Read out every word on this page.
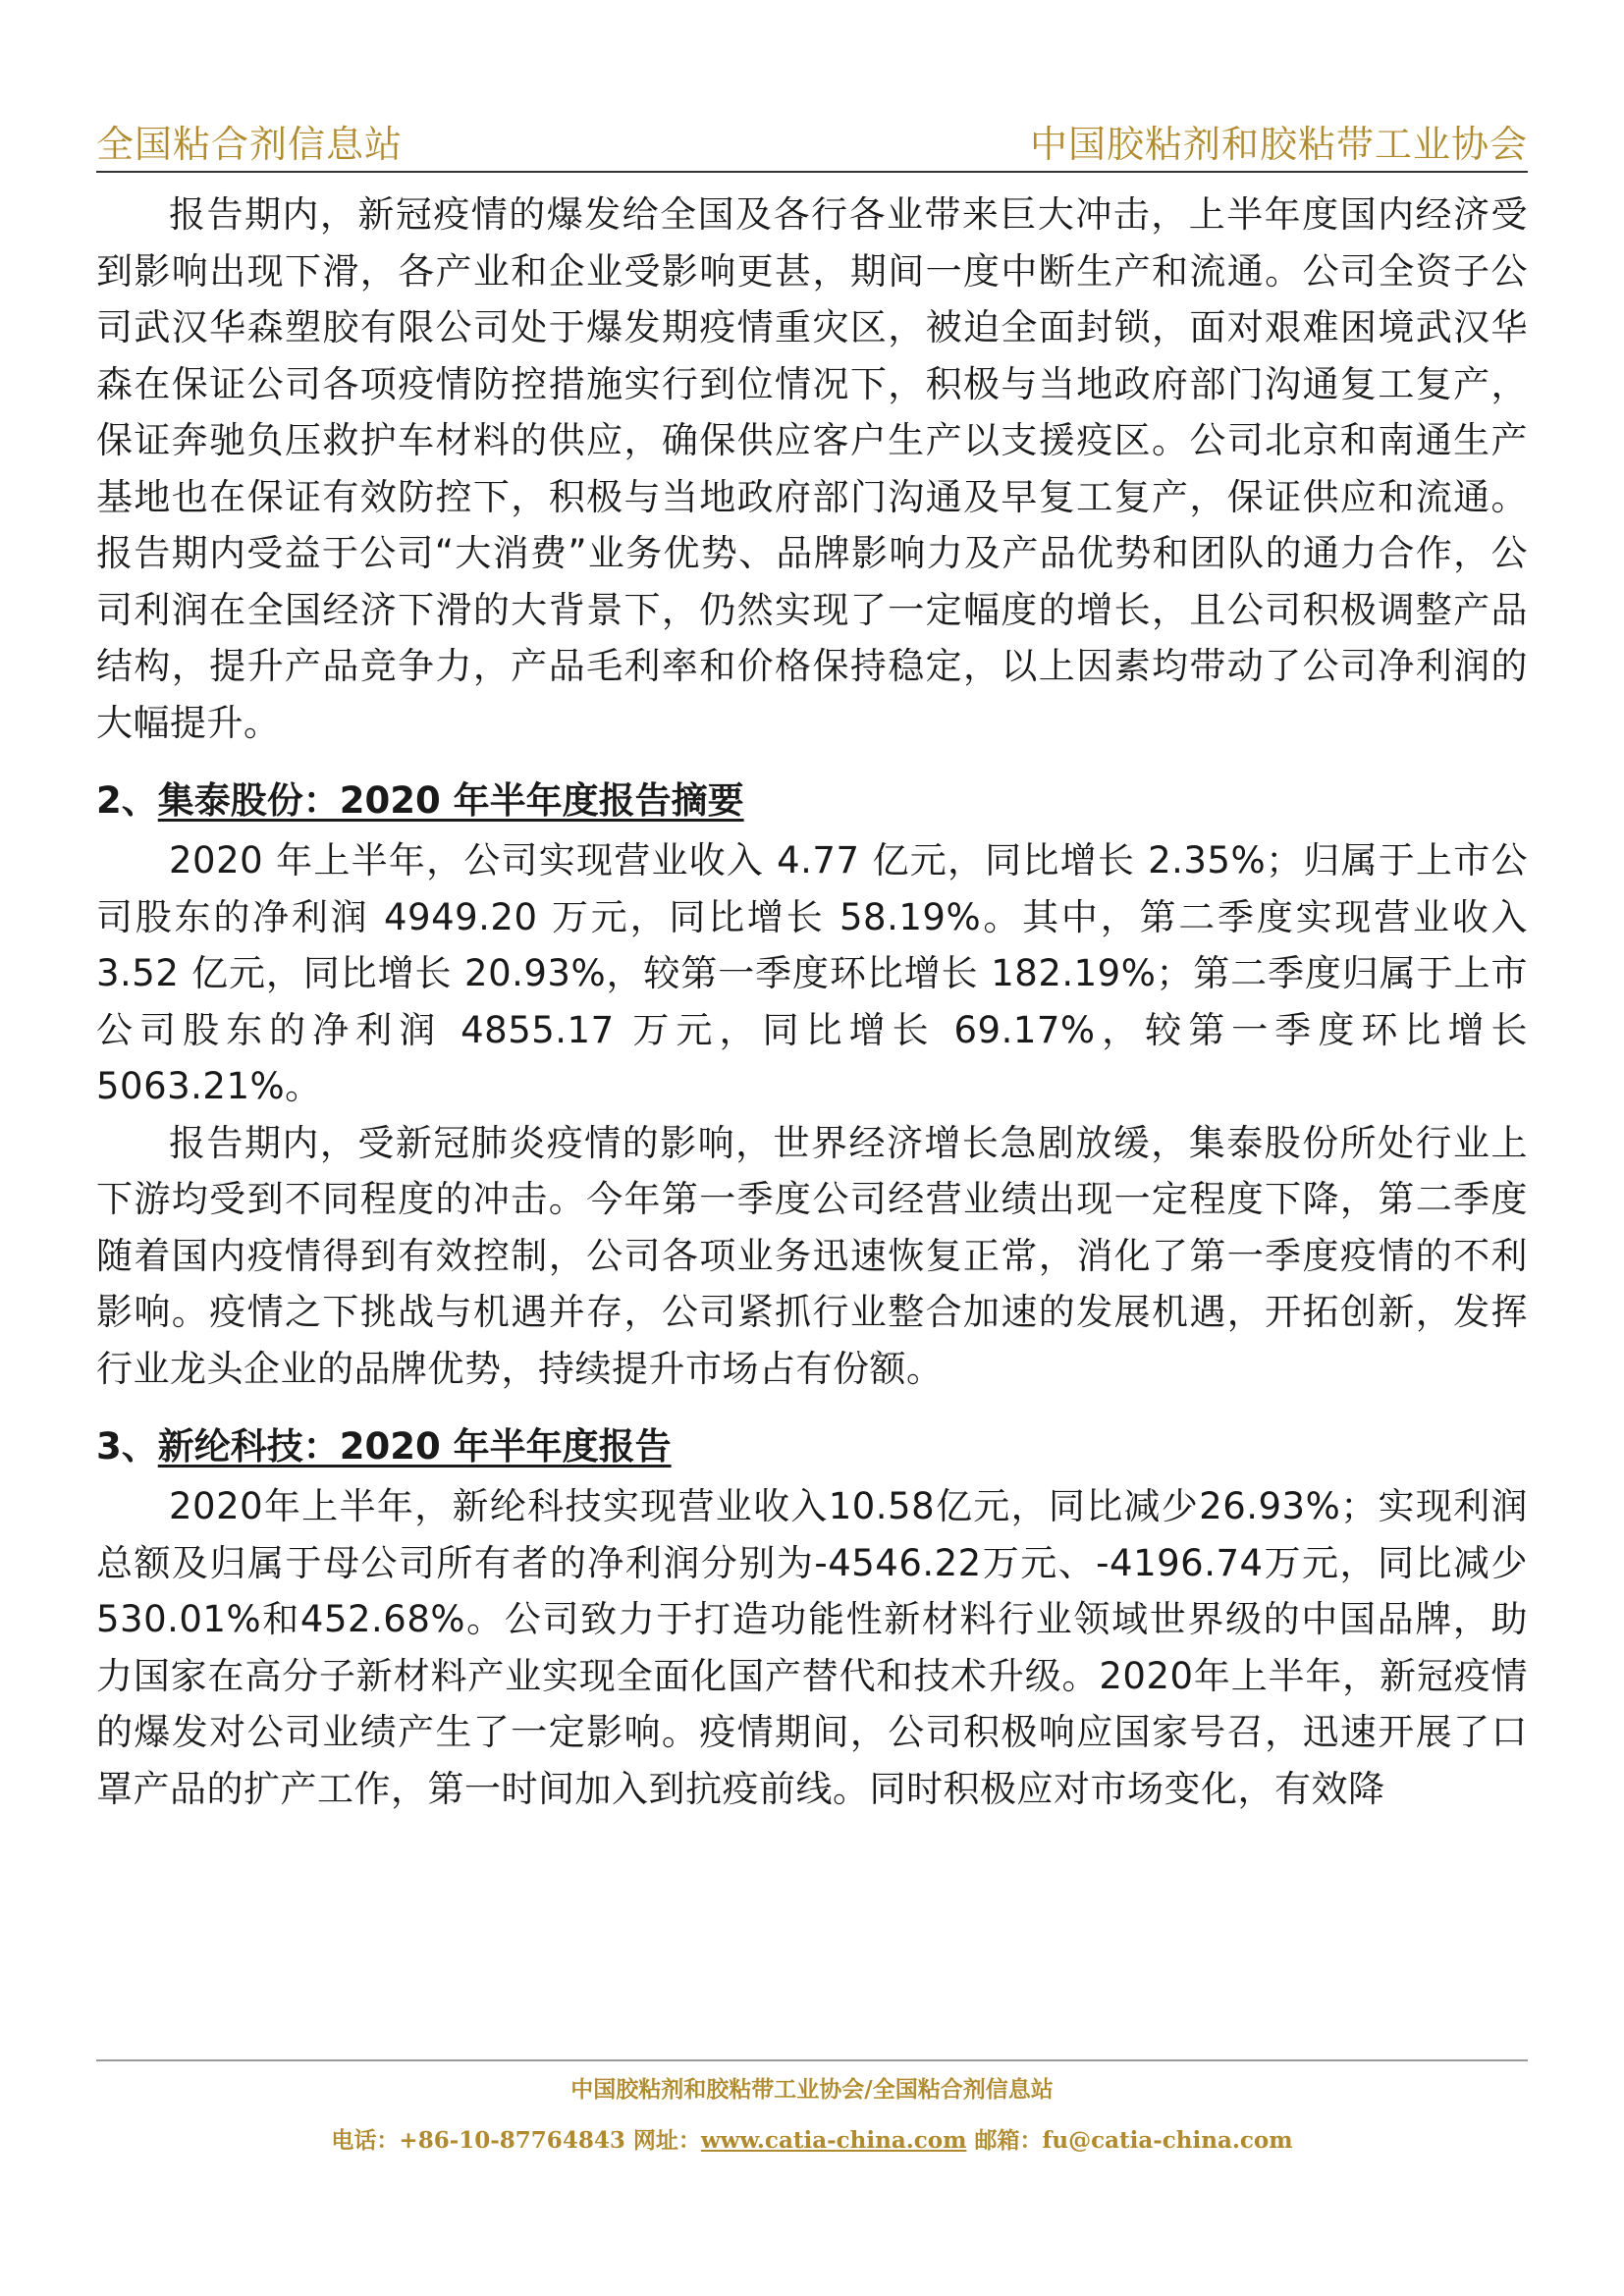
全国粘合剂信息站	中国胶粘剂和胶粘带工业协会

报告期内，新冠疫情的爆发给全国及各行各业带来巨大冲击，上半年度国内经济受到影响出现下滑，各产业和企业受影响更甚，期间一度中断生产和流通。公司全资子公司武汉华森塑胶有限公司处于爆发期疫情重灾区，被迫全面封锁，面对艰难困境武汉华森在保证公司各项疫情防控措施实行到位情况下，积极与当地政府部门沟通复工复产，保证奔驰负压救护车材料的供应，确保供应客户生产以支援疫区。公司北京和南通生产基地也在保证有效防控下，积极与当地政府部门沟通及早复工复产，保证供应和流通。报告期内受益于公司“大消费”业务优势、品牌影响力及产品优势和团队的通力合作，公司利润在全国经济下滑的大背景下，仍然实现了一定幅度的增长，且公司积极调整产品结构，提升产品竞争力，产品毛利率和价格保持稳定，以上因素均带动了公司净利润的大幅提升。

2、集泰股份：2020 年半年度报告摘要

2020 年上半年，公司实现营业收入 4.77 亿元，同比增长 2.35%；归属于上市公司股东的净利润 4949.20 万元，同比增长 58.19%。其中，第二季度实现营业收入 3.52 亿元，同比增长 20.93%，较第一季度环比增长 182.19%；第二季度归属于上市公司股东的净利润 4855.17 万元，同比增长 69.17%，较第一季度环比增长 5063.21%。

报告期内，受新冠肺炎疫情的影响，世界经济增长急剧放缓，集泰股份所处行业上下游均受到不同程度的冲击。今年第一季度公司经营业绩出现一定程度下降，第二季度随着国内疫情得到有效控制，公司各项业务迅速恢复正常，消化了第一季度疫情的不利影响。疫情之下挑战与机遇并存，公司紧抓行业整合加速的发展机遇，开拓创新，发挥行业龙头企业的品牌优势，持续提升市场占有份额。

3、新纶科技：2020 年半年度报告

2020年上半年，新纶科技实现营业收入10.58亿元，同比减少26.93%；实现利润总额及归属于母公司所有者的净利润分别为-4546.22万元、-4196.74万元，同比减少530.01%和452.68%。公司致力于打造功能性新材料行业领域世界级的中国品牌，助力国家在高分子新材料产业实现全面化国产替代和技术升级。2020年上半年，新冠疫情的爆发对公司业绩产生了一定影响。疫情期间，公司积极响应国家号召，迅速开展了口罩产品的扩产工作，第一时间加入到抗疫前线。同时积极应对市场变化，有效降

中国胶粘剂和胶粘带工业协会/全国粘合剂信息站
电话：+86-10-87764843 网址：www.catia-china.com 邮箱：fu@catia-china.com
